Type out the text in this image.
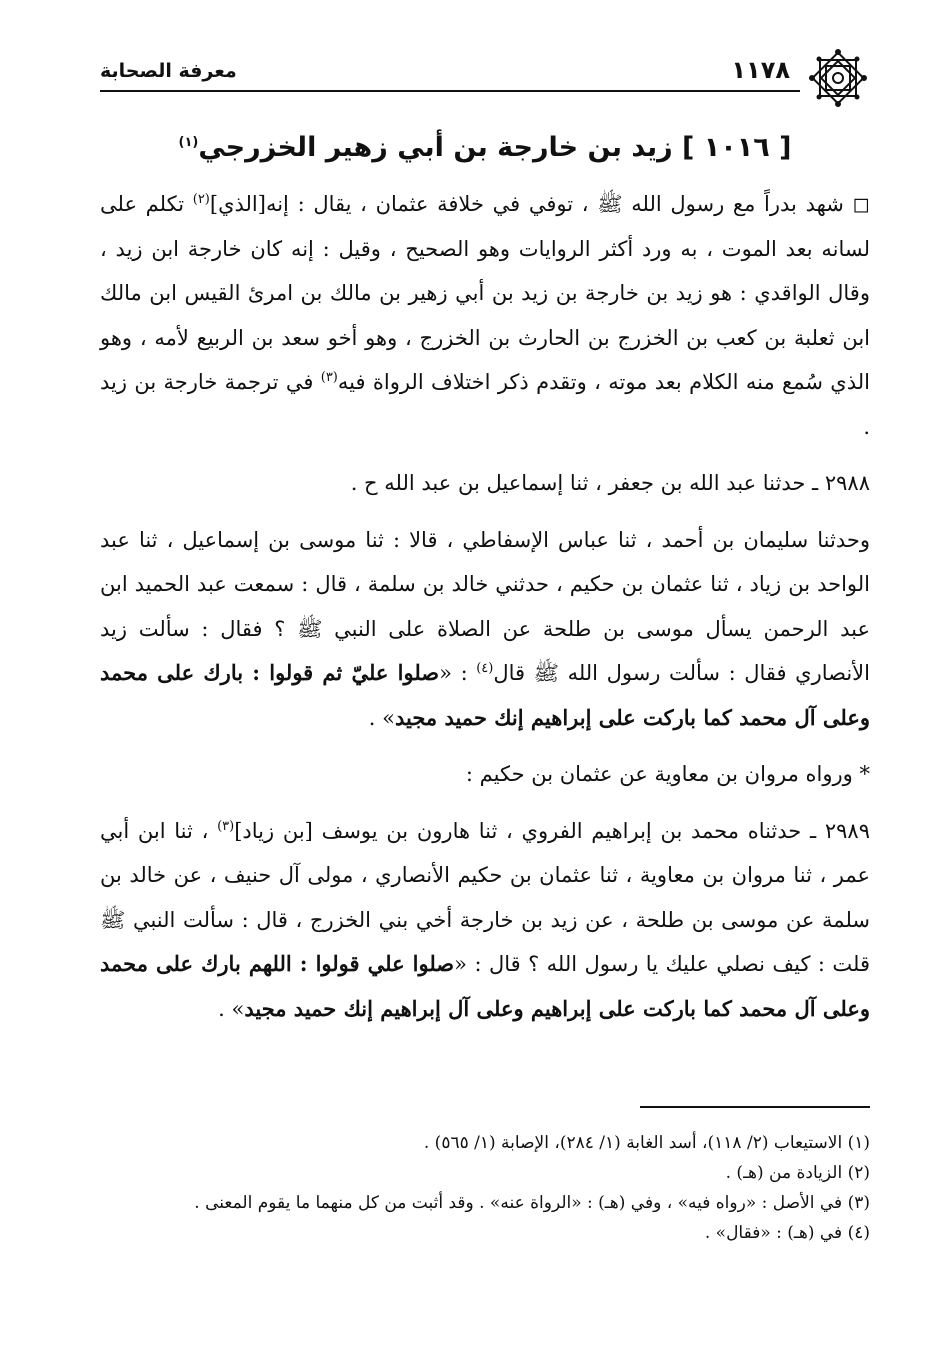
معرفة الصحابة	١١٧٨
[ ١٠١٦ ] زيد بن خارجة بن أبي زهير الخزرجي$^{(١)}$

◻ شهد بدراً مع رسول الله ﷺ ، توفي في خلافة عثمان ، يقال : إنه[الذي]$^{(٢)}$ تكلم على لسانه بعد الموت ، به ورد أكثر الروايات وهو الصحيح ، وقيل : إنه كان خارجة ابن زيد ، وقال الواقدي : هو زيد بن خارجة بن زيد بن أبي زهير بن مالك بن امرئ القيس ابن مالك ابن ثعلبة بن كعب بن الخزرج بن الحارث بن الخزرج ، وهو أخو سعد بن الربيع لأمه ، وهو الذي سُمع منه الكلام بعد موته ، وتقدم ذكر اختلاف الرواة فيه$^{(٣)}$ في ترجمة خارجة بن زيد .

٢٩٨٨ ـ حدثنا عبد الله بن جعفر ، ثنا إسماعيل بن عبد الله ح .

وحدثنا سليمان بن أحمد ، ثنا عباس الإسفاطي ، قالا : ثنا موسى بن إسماعيل ، ثنا عبد الواحد بن زياد ، ثنا عثمان بن حكيم ، حدثني خالد بن سلمة ، قال : سمعت عبد الحميد ابن عبد الرحمن يسأل موسى بن طلحة عن الصلاة على النبي ﷺ ؟ فقال : سألت زيد الأنصاري فقال : سألت رسول الله ﷺ قال$^{(٤)}$ : «صلوا عليّ ثم قولوا : بارك على محمد وعلى آل محمد كما باركت على إبراهيم إنك حميد مجيد» .

* ورواه مروان بن معاوية عن عثمان بن حكيم :

٢٩٨٩ ـ حدثناه محمد بن إبراهيم الفروي ، ثنا هارون بن يوسف [بن زياد]$^{(٣)}$ ، ثنا ابن أبي عمر ، ثنا مروان بن معاوية ، ثنا عثمان بن حكيم الأنصاري ، مولى آل حنيف ، عن خالد بن سلمة عن موسى بن طلحة ، عن زيد بن خارجة أخي بني الخزرج ، قال : سألت النبي ﷺ قلت : كيف نصلي عليك يا رسول الله ؟ قال : «صلوا علي قولوا : اللهم بارك على محمد وعلى آل محمد كما باركت على إبراهيم وعلى آل إبراهيم إنك حميد مجيد» .

(١) الاستيعاب (٢/ ١١٨)، أسد الغابة (١/ ٢٨٤)، الإصابة (١/ ٥٦٥) .

(٢) الزيادة من (هـ) .

(٣) في الأصل : «رواه فيه» ، وفي (هـ) : «الرواة عنه» . وقد أثبت من كل منهما ما يقوم المعنى .

(٤) في (هـ) : «فقال» .
